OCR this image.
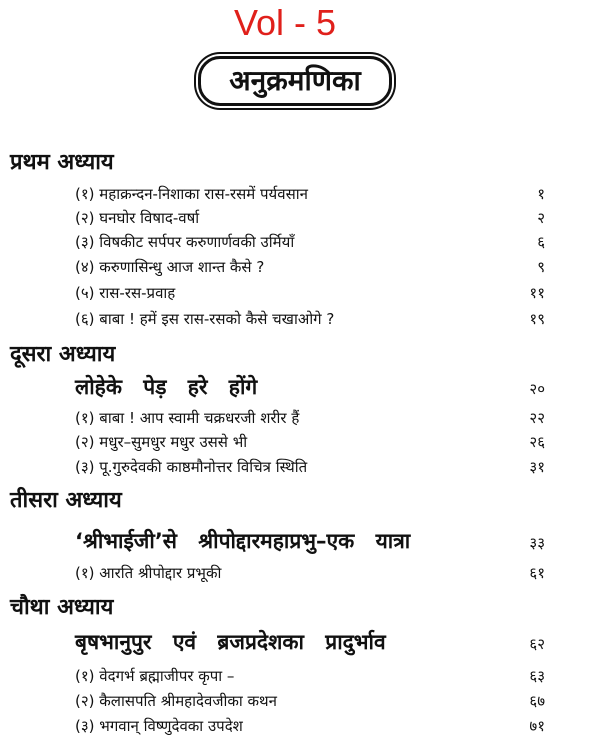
Vol - 5
अनुक्रमणिका
प्रथम अध्याय
(१) महाक्रन्दन-निशाका रास-रसमें पर्यवसान	१
(२) घनघोर विषाद-वर्षा	२
(३) विषकीट सर्पपर करुणार्णवकी उर्मियाँ	६
(४) करुणासिन्धु आज शान्त कैसे ?	९
(५) रास-रस-प्रवाह	११
(६) बाबा ! हमें इस रास-रसको कैसे चखाओगे ?	१९
दूसरा अध्याय
लोहेके पेड़ हरे होंगे	२०
(१) बाबा ! आप स्वामी चक्रधरजी शरीर हैं	२२
(२) मधुर–सुमधुर मधुर उससे भी	२६
(३) पू.गुरुदेवकी काष्ठमौनोत्तर विचित्र स्थिति	३१
तीसरा अध्याय
‘श्रीभाईजी’से श्रीपोद्दारमहाप्रभु–एक यात्रा	३३
(१) आरति श्रीपोद्दार प्रभूकी	६१
चौथा अध्याय
बृषभानुपुर एवं ब्रजप्रदेशका प्रादुर्भाव	६२
(१) वेदगर्भ ब्रह्माजीपर कृपा –	६३
(२) कैलासपति श्रीमहादेवजीका कथन	६७
(३) भगवान् विष्णुदेवका उपदेश	७१
